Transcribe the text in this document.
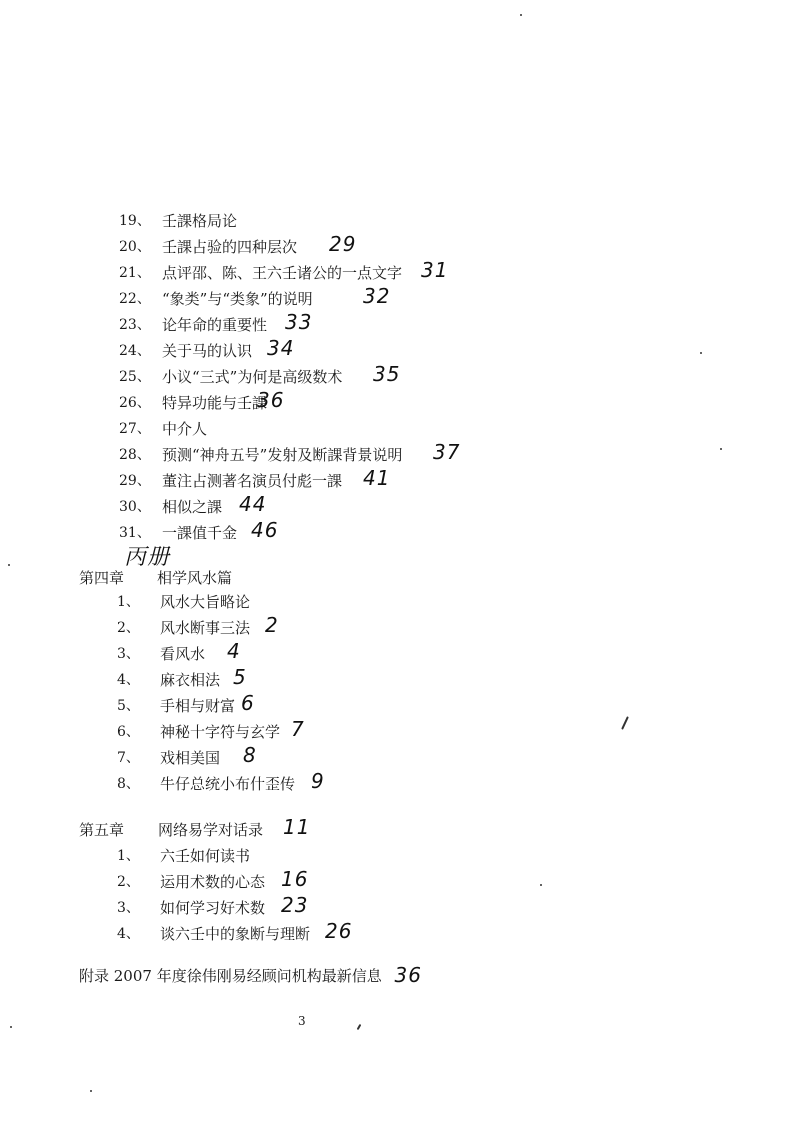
19、 壬課格局论
20、 壬課占验的四种层次 29
21、 点评邵、陈、王六壬诸公的一点文字 31
22、 “象类”与“类象”的说明	32
23、 论年命的重要性 33
24、 关于马的认识 34
25、 小议“三式”为何是高级数术 35
26、 特异功能与壬課
36
27、 中介人
28、 预测“神舟五号”发射及断課背景说明 37
29、 董注占测著名演员付彪一課 41
30、 相似之課 44
31、 一課值千金 46
丙册
第四章 相学风水篇
1、 风水大旨略论
2、 风水断事三法 2
3、 看风水 4
4、 麻衣相法 5
5、 手相与财富 6
6、 神秘十字符与玄学 7
7、 戏相美国 8
8、 牛仔总统小布什歪传 9
第五章 网络易学对话录 11
1、 六壬如何读书
2、 运用术数的心态 16
3、 如何学习好术数 23
4、 谈六壬中的象断与理断 26
附录 2007 年度徐伟刚易经顾问机构最新信息 36
3
